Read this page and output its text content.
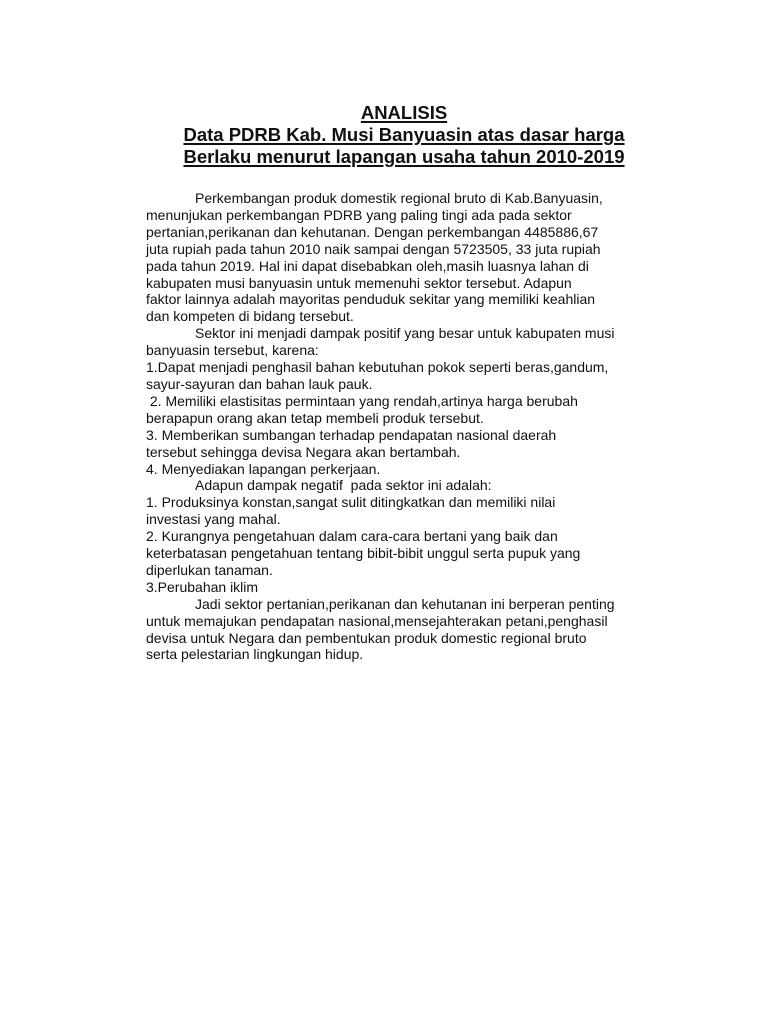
ANALISIS
Data PDRB Kab. Musi Banyuasin atas dasar harga
Berlaku menurut lapangan usaha tahun 2010-2019
Perkembangan produk domestik regional bruto di Kab.Banyuasin,
menunjukan perkembangan PDRB yang paling tingi ada pada sektor
pertanian,perikanan dan kehutanan. Dengan perkembangan 4485886,67
juta rupiah pada tahun 2010 naik sampai dengan 5723505, 33 juta rupiah
pada tahun 2019. Hal ini dapat disebabkan oleh,masih luasnya lahan di
kabupaten musi banyuasin untuk memenuhi sektor tersebut. Adapun
faktor lainnya adalah mayoritas penduduk sekitar yang memiliki keahlian
dan kompeten di bidang tersebut.
Sektor ini menjadi dampak positif yang besar untuk kabupaten musi
banyuasin tersebut, karena:
1.Dapat menjadi penghasil bahan kebutuhan pokok seperti beras,gandum,
sayur-sayuran dan bahan lauk pauk.
2. Memiliki elastisitas permintaan yang rendah,artinya harga berubah
berapapun orang akan tetap membeli produk tersebut.
3. Memberikan sumbangan terhadap pendapatan nasional daerah
tersebut sehingga devisa Negara akan bertambah.
4. Menyediakan lapangan perkerjaan.
Adapun dampak negatif  pada sektor ini adalah:
1. Produksinya konstan,sangat sulit ditingkatkan dan memiliki nilai
investasi yang mahal.
2. Kurangnya pengetahuan dalam cara-cara bertani yang baik dan
keterbatasan pengetahuan tentang bibit-bibit unggul serta pupuk yang
diperlukan tanaman.
3.Perubahan iklim
Jadi sektor pertanian,perikanan dan kehutanan ini berperan penting
untuk memajukan pendapatan nasional,mensejahterakan petani,penghasil
devisa untuk Negara dan pembentukan produk domestic regional bruto
serta pelestarian lingkungan hidup.
